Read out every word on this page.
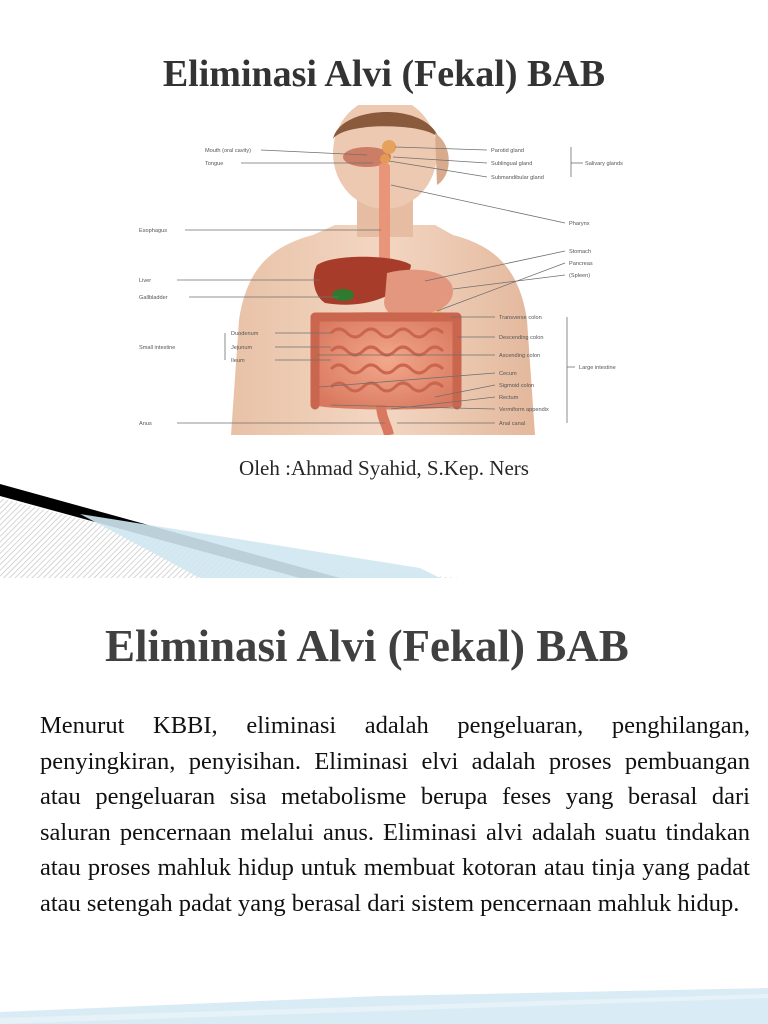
Eliminasi Alvi (Fekal) BAB
Mouth (oral cavity)
Tongue
Esophagus
Liver
Gallbladder
Duodenum
Jejunum
Ileum
Small intestine
Anus
Parotid gland
Sublingual gland
Submandibular gland
Salivary glands
Pharynx
Stomach
Pancreas
(Spleen)
Transverse colon
Descending colon
Ascending colon
Cecum
Sigmoid colon
Rectum
Vermiform appendix
Anal canal
Large intestine
Oleh :Ahmad Syahid, S.Kep. Ners
Eliminasi Alvi (Fekal) BAB

Menurut KBBI, eliminasi adalah pengeluaran, penghilangan, penyingkiran, penyisihan. Eliminasi elvi adalah proses pembuangan atau pengeluaran sisa metabolisme berupa feses yang berasal dari saluran pencernaan melalui anus. Eliminasi alvi adalah suatu tindakan atau proses mahluk hidup untuk membuat kotoran atau tinja yang padat atau setengah padat yang berasal dari sistem pencernaan mahluk hidup.
